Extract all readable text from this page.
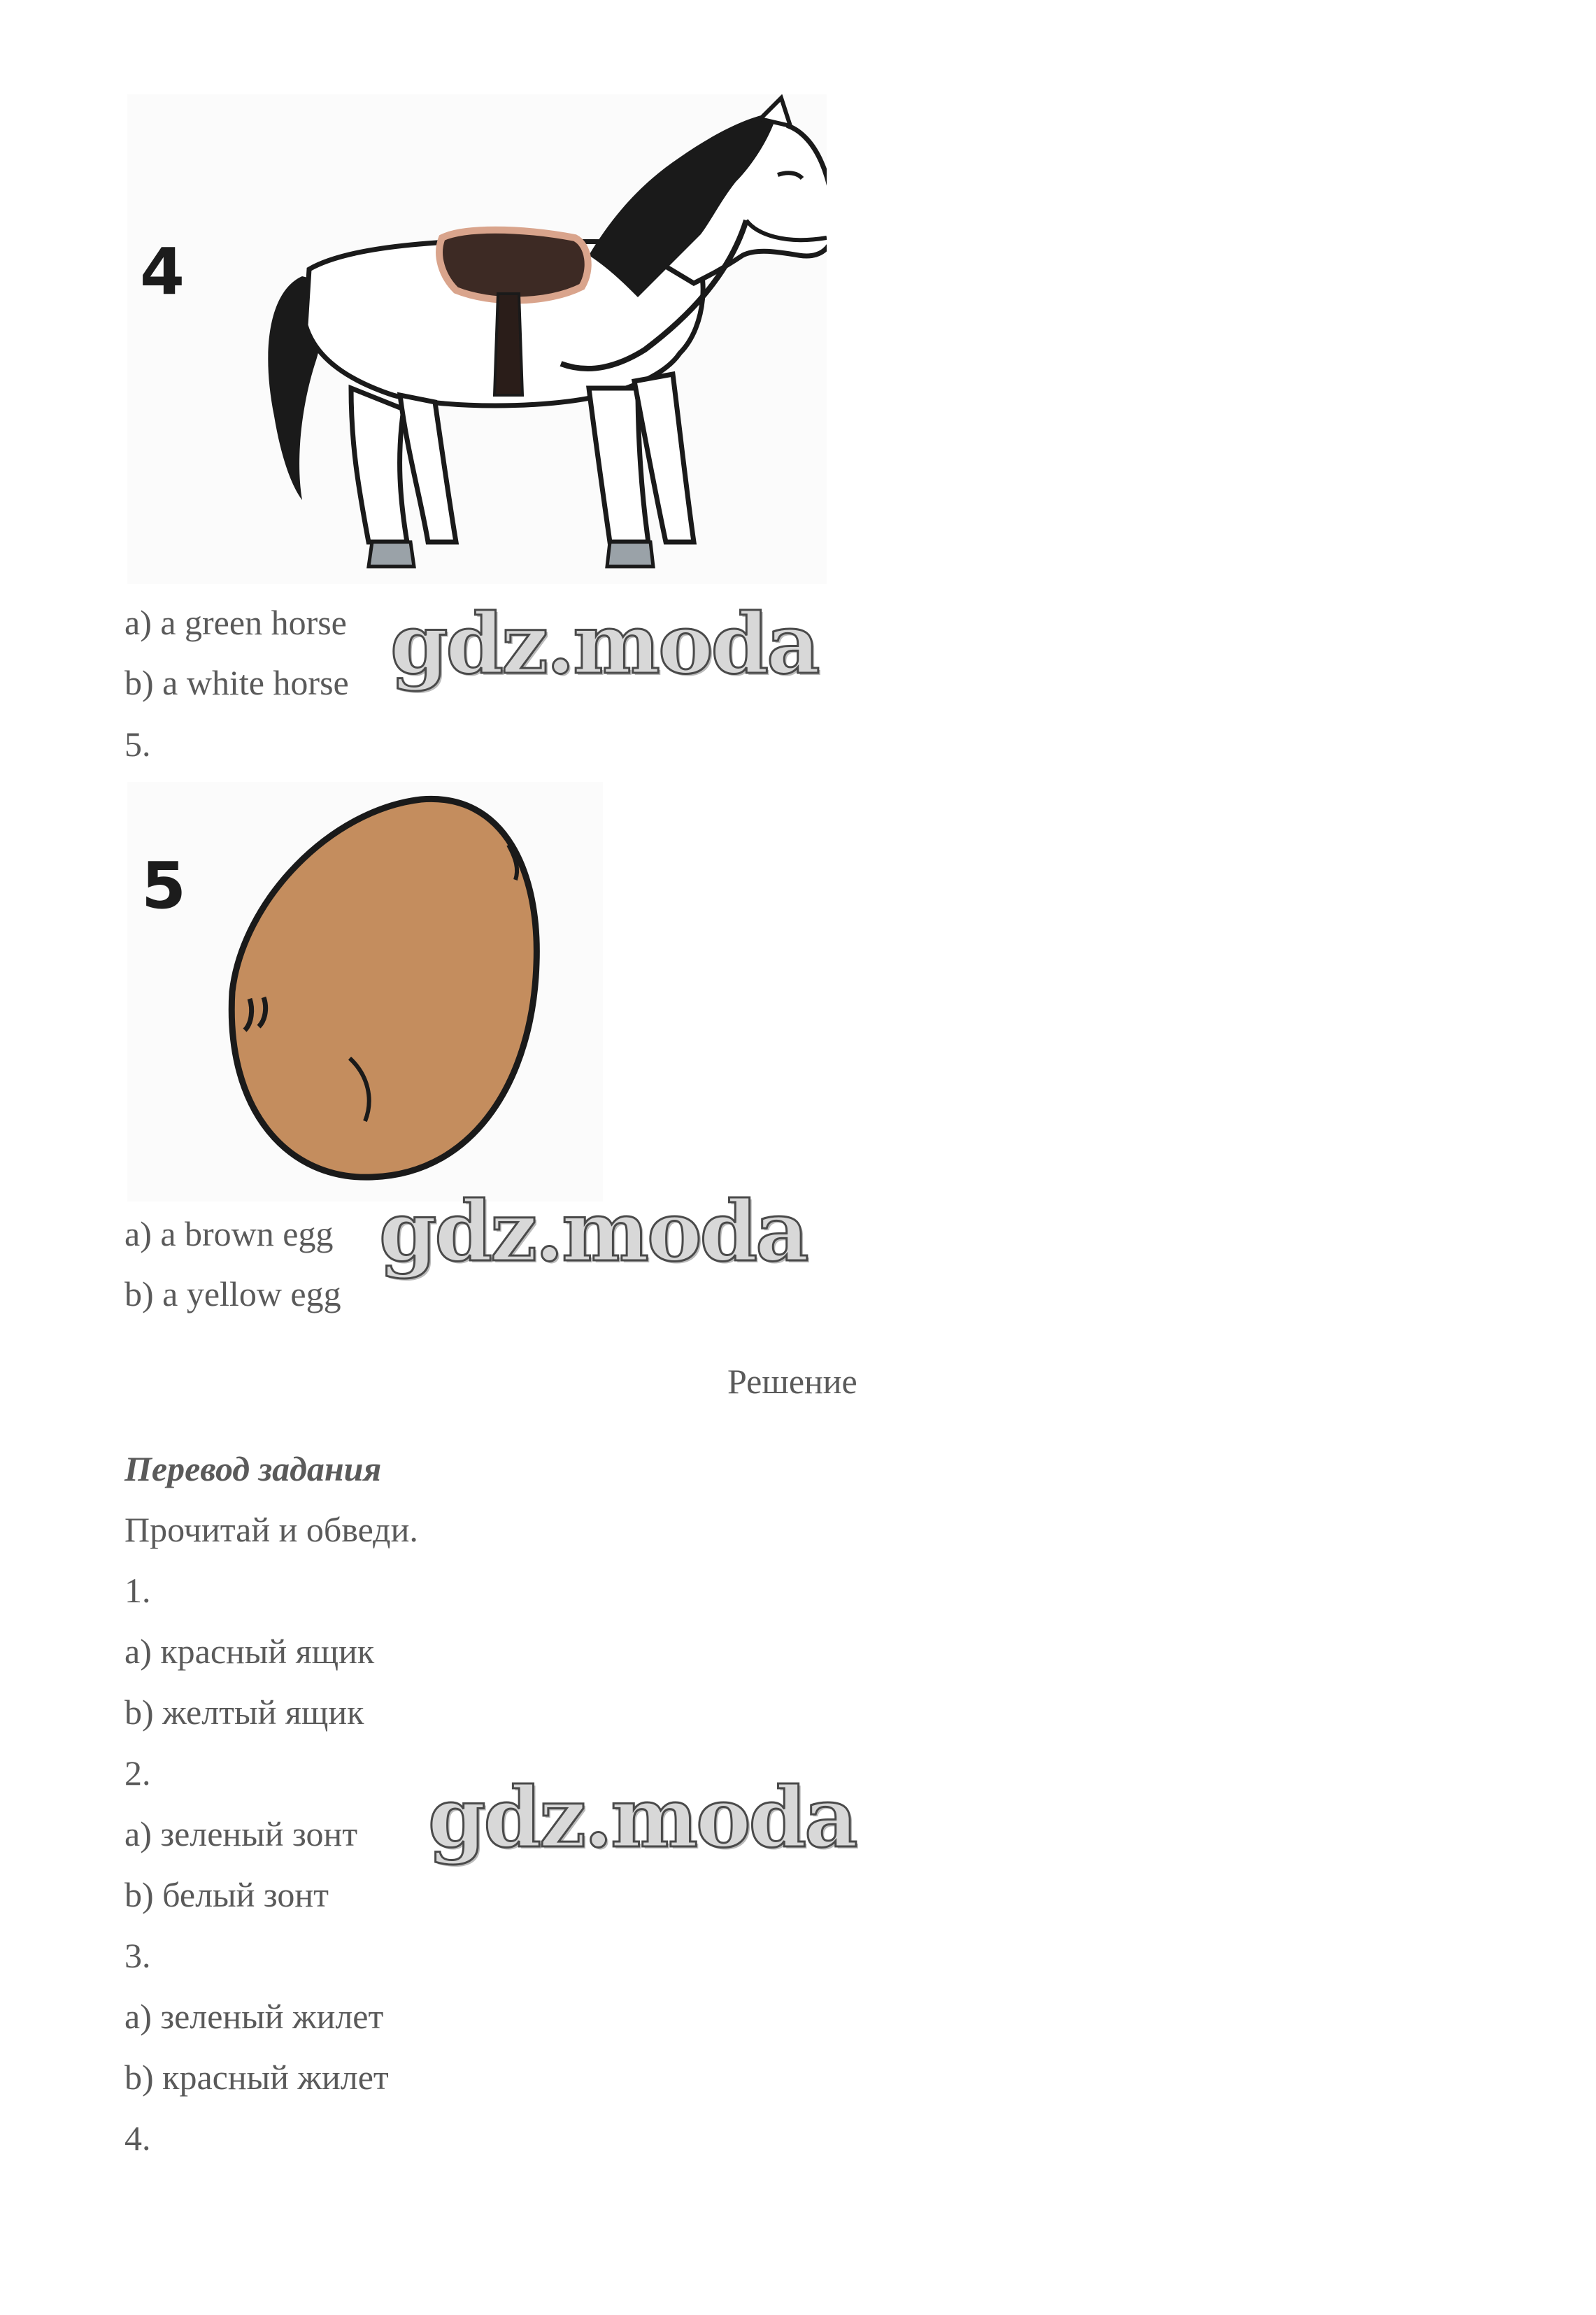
4
a) a green horse
b) a white horse gdz.moda
5.
5
a) a brown egg
b) a yellow egg
gdz.moda
Решение
Перевод задания
Прочитай и обведи.
1.
a) красный ящик
b) желтый ящик
2.
a) зеленый зонт
b) белый зонт
gdz.moda
3.
a) зеленый жилет
b) красный жилет
4.
